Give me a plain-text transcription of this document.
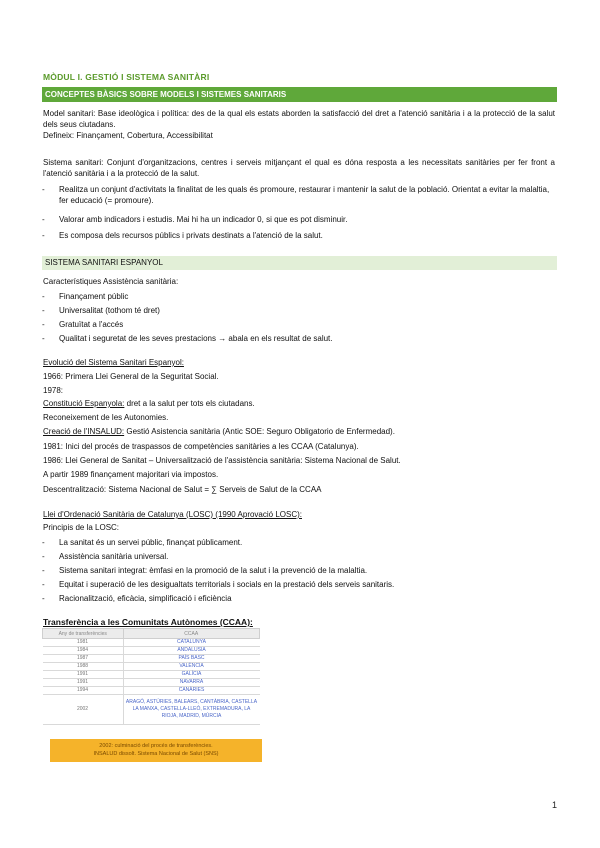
MÒDUL I. GESTIÓ I SISTEMA SANITÀRI
CONCEPTES BÀSICS SOBRE MODELS I SISTEMES SANITARIS
Model sanitari: Base ideològica i política: des de la qual els estats aborden la satisfacció del dret a l'atenció sanitària i a la protecció de la salut dels seus ciutadans.
Defineix: Finançament, Cobertura, Accessibilitat
Sistema sanitari: Conjunt d'organitzacions, centres i serveis mitjançant el qual es dóna resposta a les necessitats sanitàries per fer front a l'atenció sanitària i a la protecció de la salut.
- Realitza un conjunt d'activitats la finalitat de les quals és promoure, restaurar i mantenir la salut de la població. Orientat a evitar la malaltia, fer educació (= promoure).
- Valorar amb indicadors i estudis. Mai hi ha un indicador 0, si que es pot disminuir.
- Es composa dels recursos públics i privats destinats a l'atenció de la salut.
SISTEMA SANITARI ESPANYOL
Característiques Assistència sanitària:
- Finançament públic
- Universalitat (tothom té dret)
- Gratuïtat a l'accés
- Qualitat i seguretat de les seves prestacions → abala en els resultat de salut.
Evolució del Sistema Sanitari Espanyol:
1966: Primera Llei General de la Seguritat Social.
1978:
Constitució Espanyola: dret a la salut per tots els ciutadans.
Reconeixement de les Autonomies.
Creació de l'INSALUD: Gestió Asistencia sanitària (Antic SOE: Seguro Obligatorio de Enfermedad).
1981: Inici del procés de traspassos de competències sanitàries a les CCAA (Catalunya).
1986: Llei General de Sanitat – Universalització de l'assistència sanitària: Sistema Nacional de Salut.
A partir 1989 finançament majoritari via impostos.
Descentralització: Sistema Nacional de Salut = ∑ Serveis de Salut de la CCAA
Llei d'Ordenació Sanitària de Catalunya (LOSC) (1990 Aprovació LOSC):
Principis de la LOSC:
- La sanitat és un servei públic, finançat públicament.
- Assistència sanitària universal.
- Sistema sanitari integrat: èmfasi en la promoció de la salut i la prevenció de la malaltia.
- Equitat i superació de les desigualtats territorials i socials en la prestació dels serveis sanitaris.
- Racionalització, eficàcia, simplificació i eficiència
Transferència a les Comunitats Autònomes (CCAA):
Any de transferències	CCAA
1981	CATALUNYA
1984	ANDALUSIA
1987	PAÍS BASC
1988	VALÈNCIA
1991	GALÍCIA
1991	NAVARRA
1994	CANÀRIES
2002	ARAGÓ, ASTÚRIES, BALEARS, CANTÀBRIA, CASTELLA LA MANXA, CASTELLA-LLEÓ, EXTREMADURA, LA RIOJA, MADRID, MÚRCIA
2002: culminació del procés de transferències.
INSALUD dissolt. Sistema Nacional de Salut (SNS)
1
